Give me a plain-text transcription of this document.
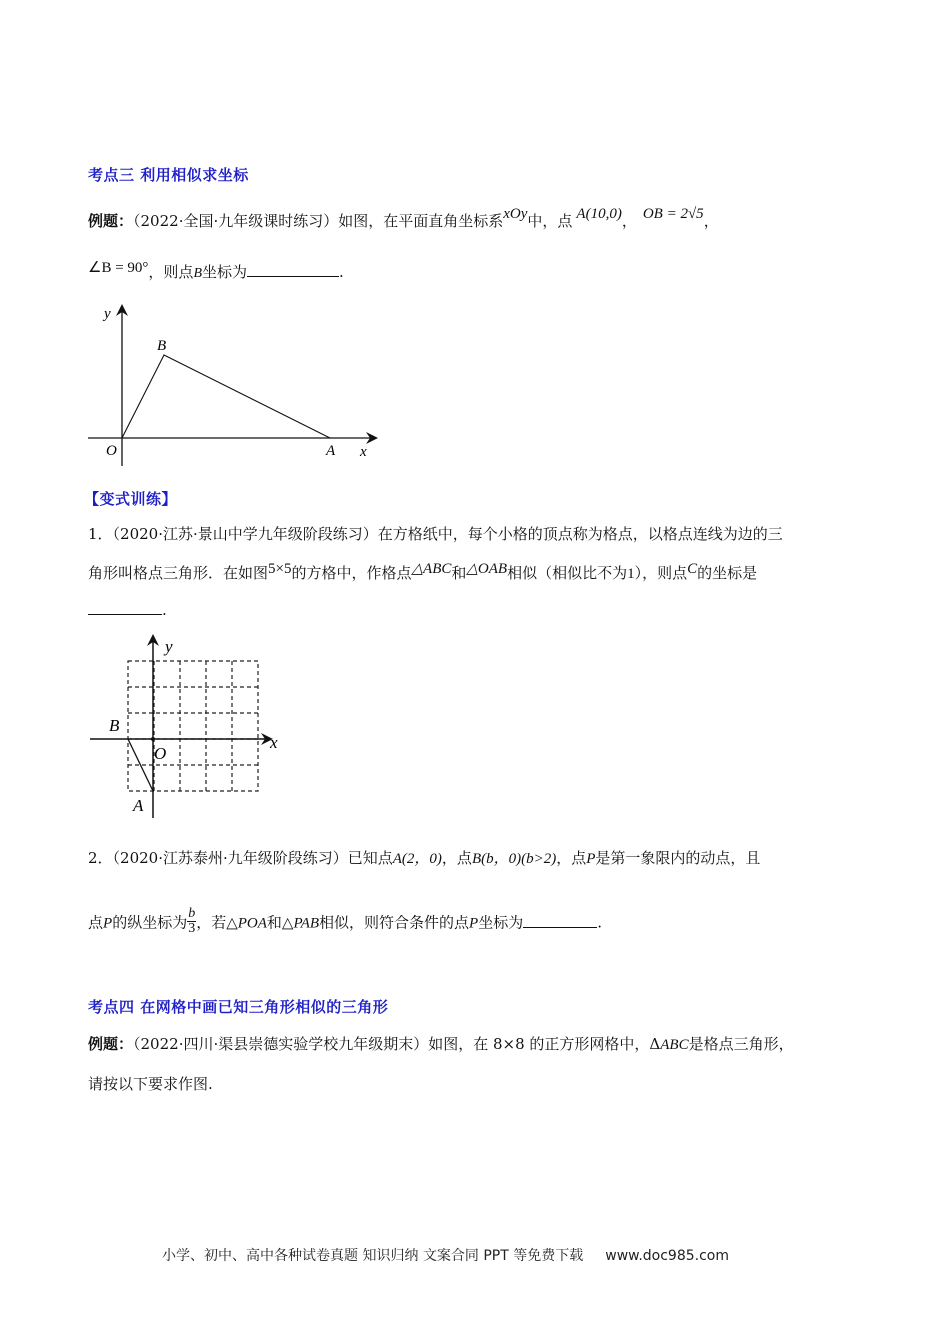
考点三 利用相似求坐标
例题：（2022·全国·九年级课时练习）如图，在平面直角坐标系xOy中，点 A(10,0)， OB = 2√5，
∠B = 90°，则点B坐标为	.
y
x
O	A
B
【变式训练】
1．（2020·江苏·景山中学九年级阶段练习）在方格纸中，每个小格的顶点称为格点，以格点连线为边的三
角形叫格点三角形．在如图5×5的方格中，作格点△ABC和△OAB相似（相似比不为1），则点C的坐标是
.
y
x
O
B
A
2．（2020·江苏泰州·九年级阶段练习）已知点A(2，0)，点B(b，0)(b>2)，点P是第一象限内的动点，且
点P的纵坐标为 $\frac{b}{3}$ ，若△POA和△PAB相似，则符合条件的点P坐标为	.
考点四 在网格中画已知三角形相似的三角形
例题：（2022·四川·渠县崇德实验学校九年级期末）如图，在 8×8 的正方形网格中，ΔABC是格点三角形，
请按以下要求作图.
小学、初中、高中各种试卷真题 知识归纳 文案合同 PPT 等免费下载 www.doc985.com
